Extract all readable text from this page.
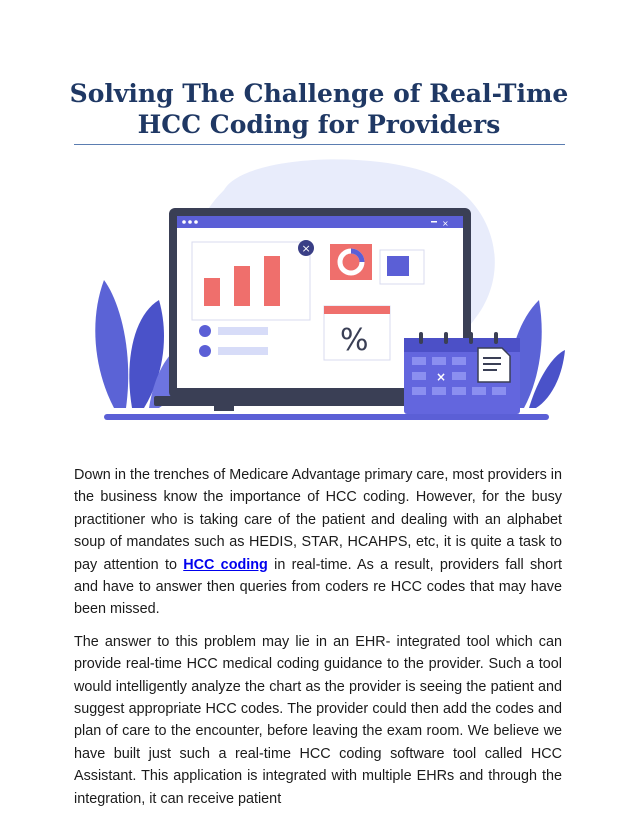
Solving The Challenge of Real-Time
HCC Coding for Providers
×
×
%
×

Down in the trenches of Medicare Advantage primary care, most providers in the business know the importance of HCC coding. However, for the busy practitioner who is taking care of the patient and dealing with an alphabet soup of mandates such as HEDIS, STAR, HCAHPS, etc, it is quite a task to pay attention to HCC coding in real-time. As a result, providers fall short and have to answer then queries from coders re HCC codes that may have been missed.

The answer to this problem may lie in an EHR- integrated tool which can provide real-time HCC medical coding guidance to the provider. Such a tool would intelligently analyze the chart as the provider is seeing the patient and suggest appropriate HCC codes. The provider could then add the codes and plan of care to the encounter, before leaving the exam room. We believe we have built just such a real-time HCC coding software tool called HCC Assistant. This application is integrated with multiple EHRs and through the integration, it can receive patient
